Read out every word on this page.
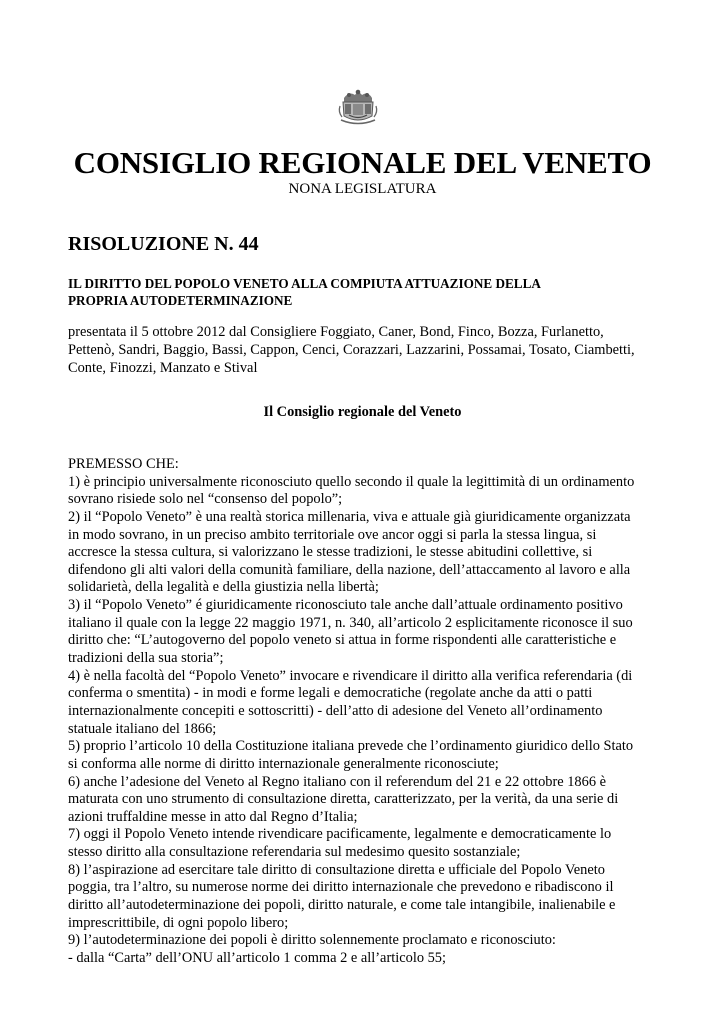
CONSIGLIO REGIONALE DEL VENETO
NONA LEGISLATURA
RISOLUZIONE N. 44
IL DIRITTO DEL POPOLO VENETO ALLA COMPIUTA ATTUAZIONE DELLA
PROPRIA AUTODETERMINAZIONE
presentata il 5 ottobre 2012 dal Consigliere Foggiato, Caner, Bond, Finco, Bozza, Furlanetto,
Pettenò, Sandri, Baggio, Bassi, Cappon, Cenci, Corazzari, Lazzarini, Possamai, Tosato, Ciambetti,
Conte, Finozzi, Manzato e Stival
Il Consiglio regionale del Veneto
PREMESSO CHE:
1) è principio universalmente riconosciuto quello secondo il quale la legittimità di un ordinamento
sovrano risiede solo nel “consenso del popolo”;
2) il “Popolo Veneto” è una realtà storica millenaria, viva e attuale già giuridicamente organizzata
in modo sovrano, in un preciso ambito territoriale ove ancor oggi si parla la stessa lingua, si
accresce la stessa cultura, si valorizzano le stesse tradizioni, le stesse abitudini collettive, si
difendono gli alti valori della comunità familiare, della nazione, dell’attaccamento al lavoro e alla
solidarietà, della legalità e della giustizia nella libertà;
3) il “Popolo Veneto” é giuridicamente riconosciuto tale anche dall’attuale ordinamento positivo
italiano il quale con la legge 22 maggio 1971, n. 340, all’articolo 2 esplicitamente riconosce il suo
diritto che: “L’autogoverno del popolo veneto si attua in forme rispondenti alle caratteristiche e
tradizioni della sua storia”;
4) è nella facoltà del “Popolo Veneto” invocare e rivendicare il diritto alla verifica referendaria (di
conferma o smentita) - in modi e forme legali e democratiche (regolate anche da atti o patti
internazionalmente concepiti e sottoscritti) - dell’atto di adesione del Veneto all’ordinamento
statuale italiano del 1866;
5) proprio l’articolo 10 della Costituzione italiana prevede che l’ordinamento giuridico dello Stato
si conforma alle norme di diritto internazionale generalmente riconosciute;
6) anche l’adesione del Veneto al Regno italiano con il referendum del 21 e 22 ottobre 1866 è
maturata con uno strumento di consultazione diretta, caratterizzato, per la verità, da una serie di
azioni truffaldine messe in atto dal Regno d’Italia;
7) oggi il Popolo Veneto intende rivendicare pacificamente, legalmente e democraticamente lo
stesso diritto alla consultazione referendaria sul medesimo quesito sostanziale;
8) l’aspirazione ad esercitare tale diritto di consultazione diretta e ufficiale del Popolo Veneto
poggia, tra l’altro, su numerose norme dei diritto internazionale che prevedono e ribadiscono il
diritto all’autodeterminazione dei popoli, diritto naturale, e come tale intangibile, inalienabile e
imprescrittibile, di ogni popolo libero;
9) l’autodeterminazione dei popoli è diritto solennemente proclamato e riconosciuto:
- dalla “Carta” dell’ONU all’articolo 1 comma 2 e all’articolo 55;
